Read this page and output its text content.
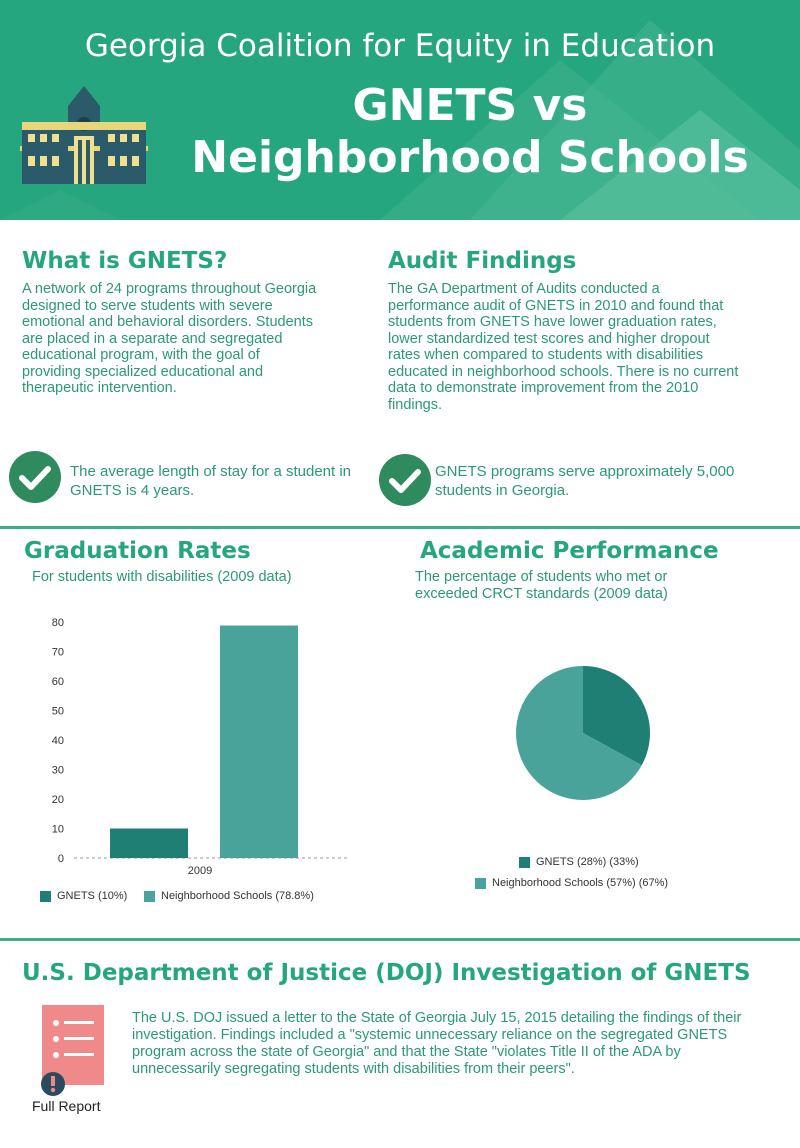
Georgia Coalition for Equity in Education
GNETS vs
Neighborhood Schools
What is GNETS?
A network of 24 programs throughout Georgia designed to serve students with severe emotional and behavioral disorders. Students are placed in a separate and segregated educational program, with the goal of providing specialized educational and therapeutic intervention.
The average length of stay for a student in GNETS is 4 years.
Audit Findings
The GA Department of Audits conducted a performance audit of GNETS in 2010 and found that students from GNETS have lower graduation rates, lower standardized test scores and higher dropout rates when compared to students with disabilities educated in neighborhood schools. There is no current data to demonstrate improvement from the 2010 findings.
GNETS programs serve approximately 5,000 students in Georgia.
Graduation Rates
For students with disabilities (2009 data)
0
10
20
30
40
50
60
70
80
2009
GNETS (10%)	Neighborhood Schools (78.8%)
Academic Performance
The percentage of students who met or exceeded CRCT standards (2009 data)
GNETS (28%) (33%)
Neighborhood Schools (57%) (67%)
U.S. Department of Justice (DOJ) Investigation of GNETS
Full Report
The U.S. DOJ issued a letter to the State of Georgia July 15, 2015 detailing the findings of their investigation. Findings included a "systemic unnecessary reliance on the segregated GNETS program across the state of Georgia" and that the State "violates Title II of the ADA by unnecessarily segregating students with disabilities from their peers".
